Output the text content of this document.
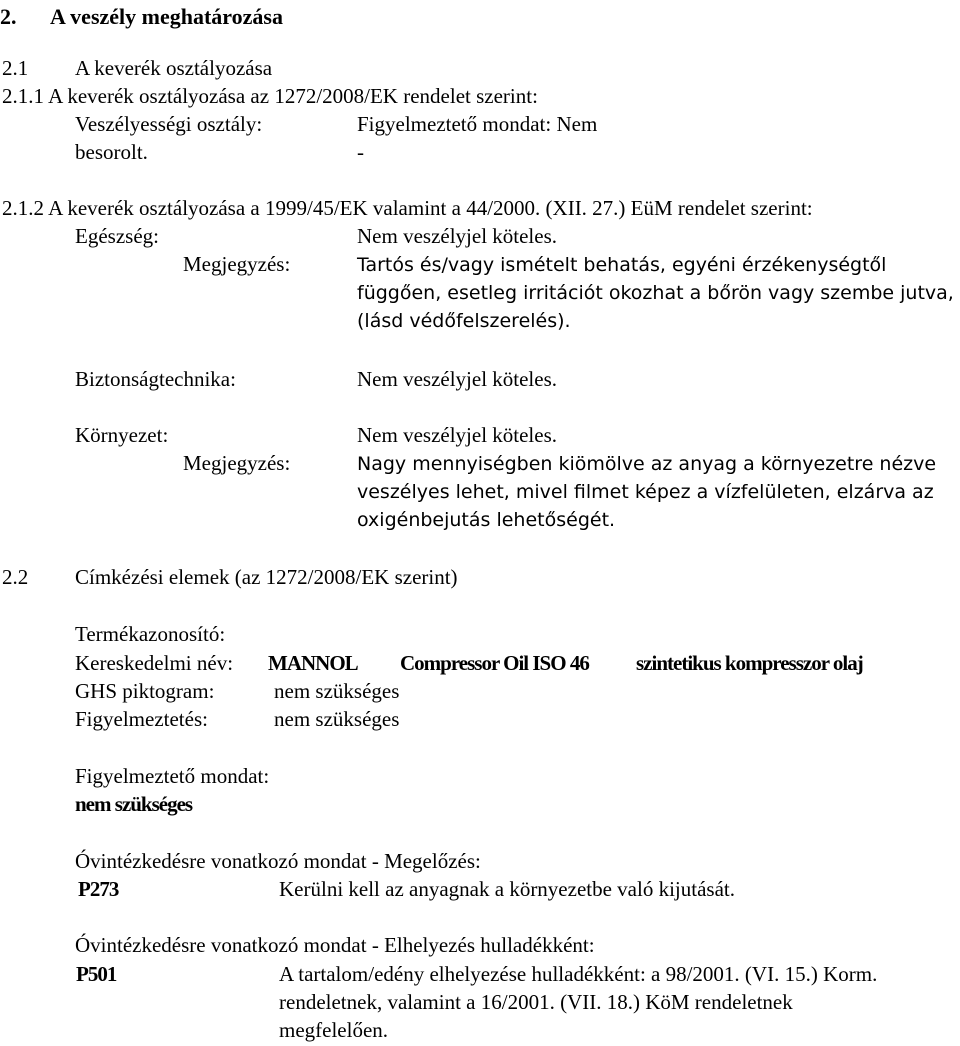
2. A veszély meghatározása
2.1 A keverék osztályozása
2.1.1 A keverék osztályozása az 1272/2008/EK rendelet szerint:
Veszélyességi osztály:	Figyelmeztető mondat: Nem
besorolt.	-
2.1.2 A keverék osztályozása a 1999/45/EK valamint a 44/2000. (XII. 27.) EüM rendelet szerint:
Egészség:	Nem veszélyjel köteles.
Megjegyzés:	Tartós és/vagy ismételt behatás, egyéni érzékenységtől
függően, esetleg irritációt okozhat a bőrön vagy szembe jutva,
(lásd védőfelszerelés).
Biztonságtechnika:	Nem veszélyjel köteles.
Környezet:	Nem veszélyjel köteles.
Megjegyzés:	Nagy mennyiségben kiömölve az anyag a környezetre nézve
veszélyes lehet, mivel filmet képez a vízfelületen, elzárva az
oxigénbejutás lehetőségét.
2.2 Címkézési elemek (az 1272/2008/EK szerint)
Termékazonosító:
Kereskedelmi név: MANNOL Compressor Oil ISO 46 szintetikus kompresszor olaj
GHS piktogram:	nem szükséges
Figyelmeztetés:	nem szükséges
Figyelmeztető mondat:
nem szükséges
Óvintézkedésre vonatkozó mondat - Megelőzés:
P273	Kerülni kell az anyagnak a környezetbe való kijutását.
Óvintézkedésre vonatkozó mondat - Elhelyezés hulladékként:
P501	A tartalom/edény elhelyezése hulladékként: a 98/2001. (VI. 15.) Korm.
rendeletnek, valamint a 16/2001. (VII. 18.) KöM rendeletnek
megfelelően.
